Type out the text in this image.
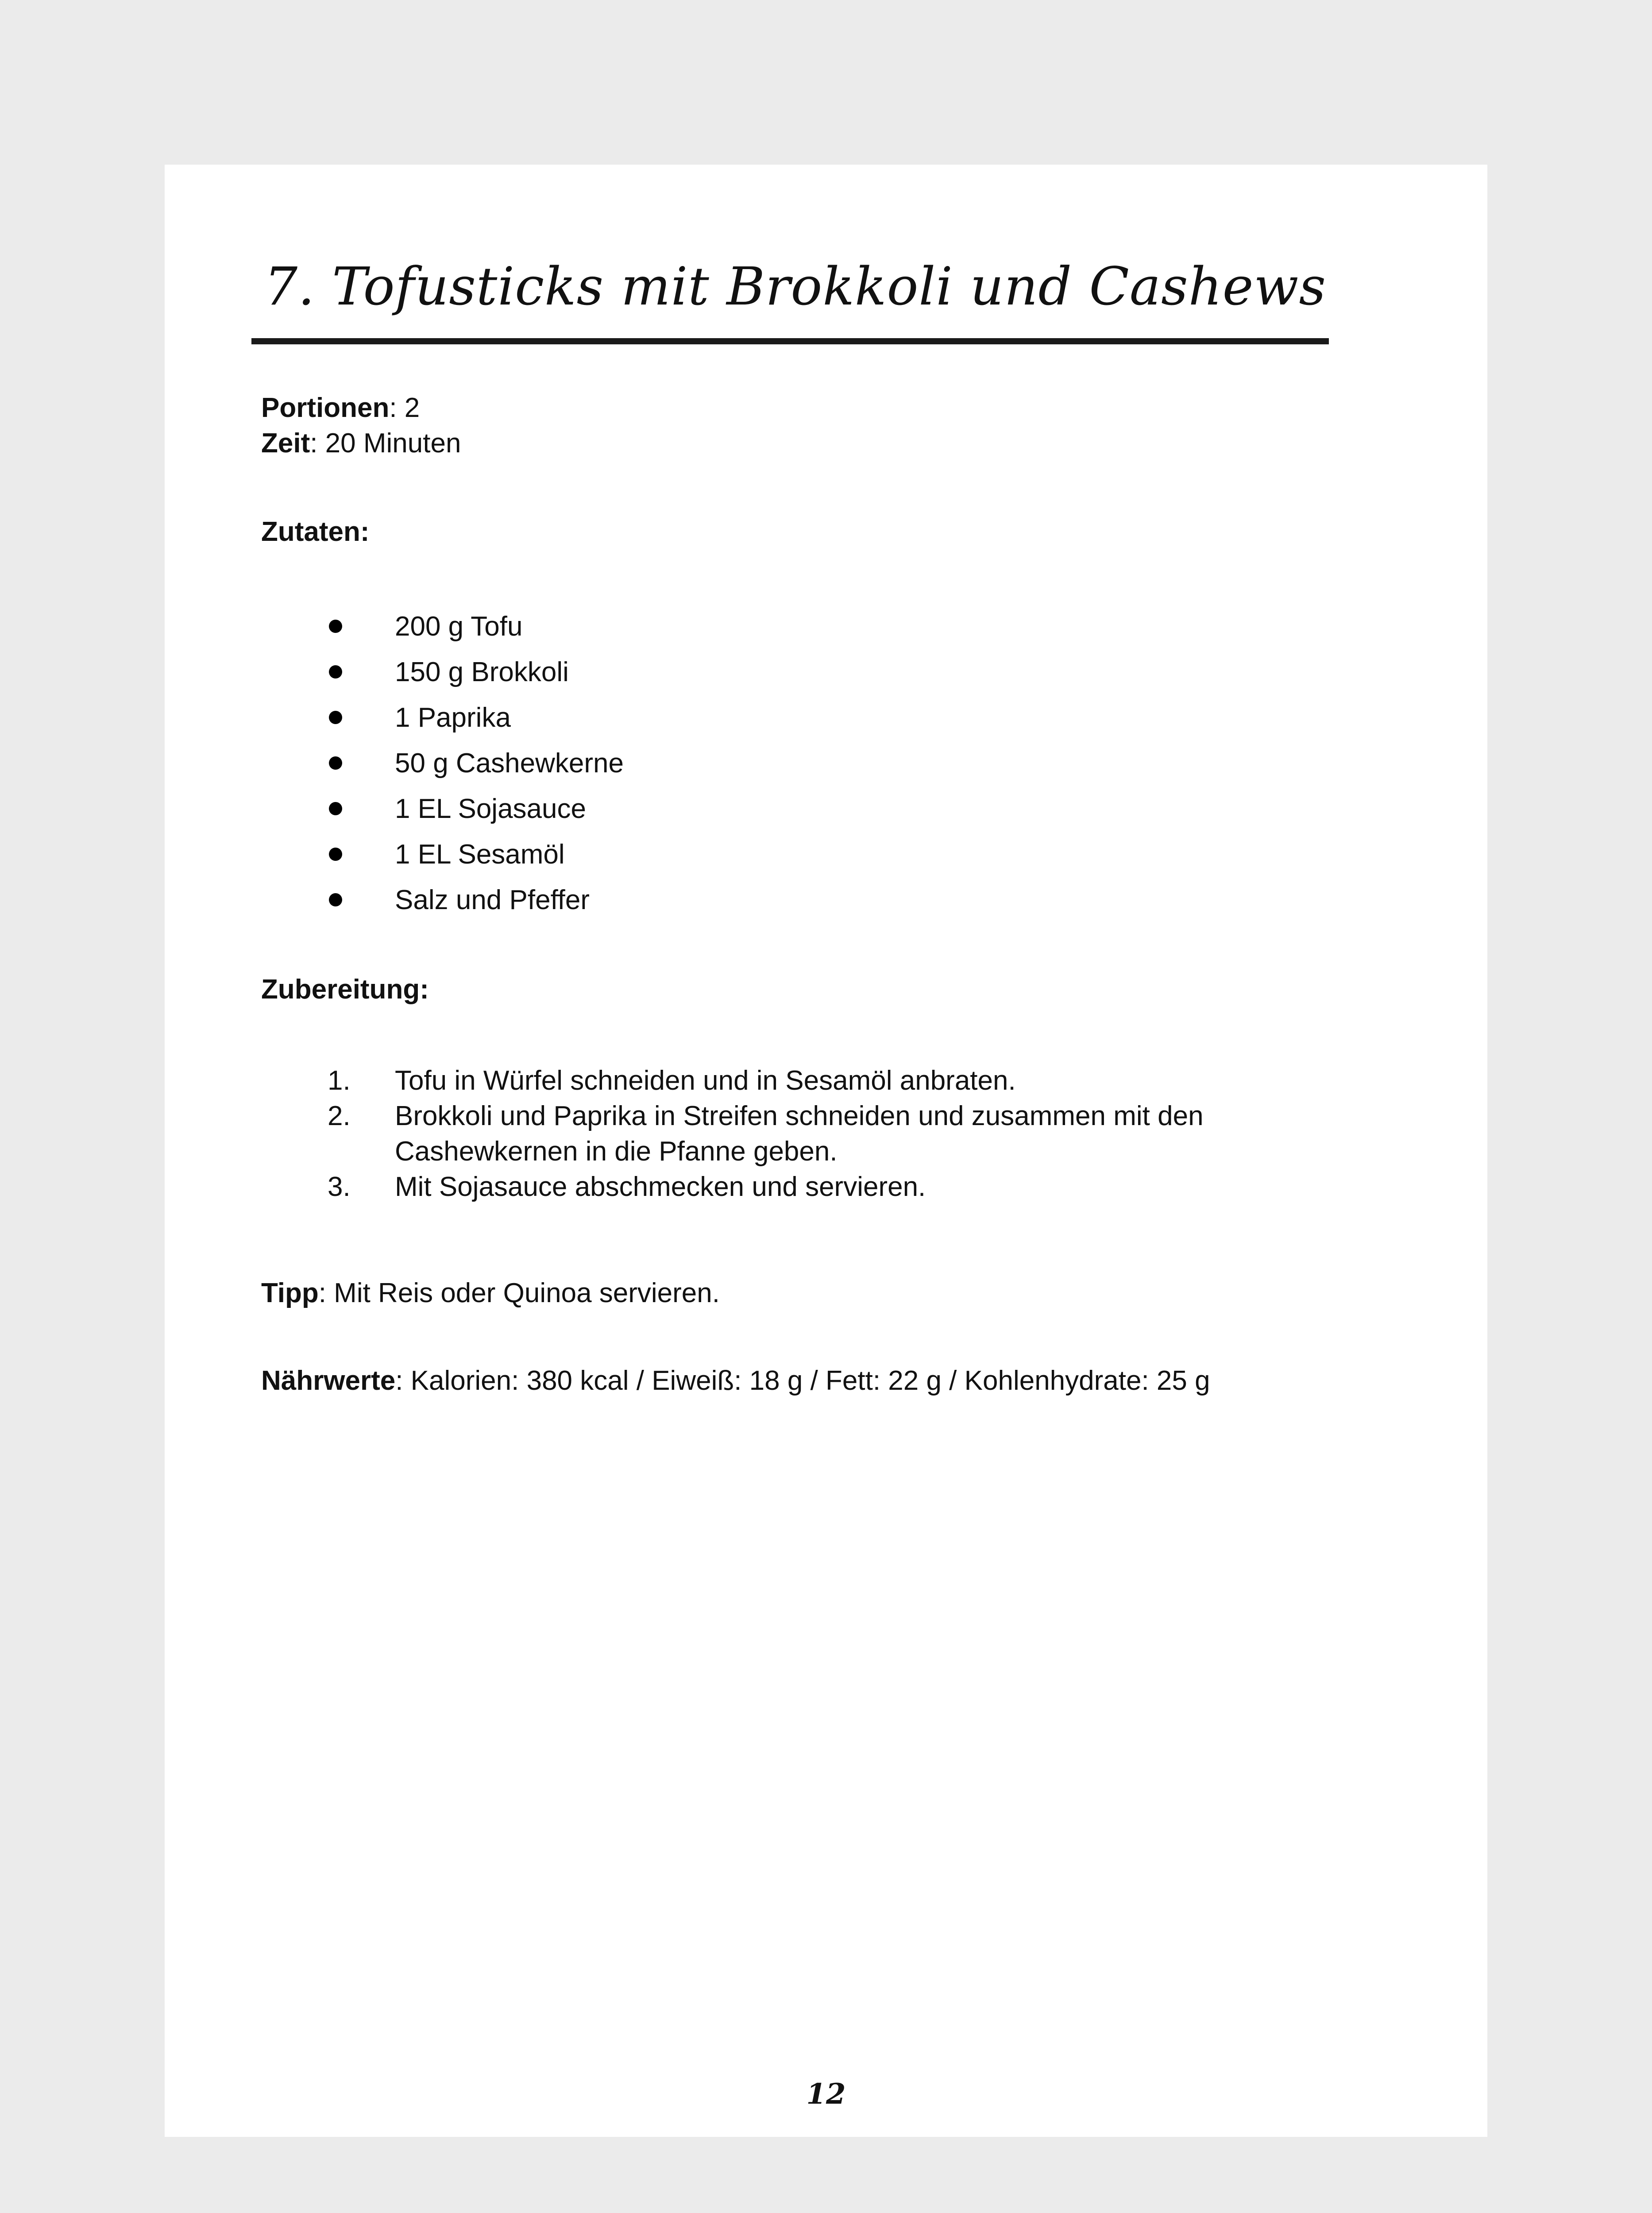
7. Tofusticks mit Brokkoli und Cashews
Portionen: 2
Zeit: 20 Minuten
Zutaten:
200 g Tofu
150 g Brokkoli
1 Paprika
50 g Cashewkerne
1 EL Sojasauce
1 EL Sesamöl
Salz und Pfeffer
Zubereitung:
1. Tofu in Würfel schneiden und in Sesamöl anbraten.
2. Brokkoli und Paprika in Streifen schneiden und zusammen mit den Cashewkernen in die Pfanne geben.
3. Mit Sojasauce abschmecken und servieren.
Tipp: Mit Reis oder Quinoa servieren.
Nährwerte: Kalorien: 380 kcal / Eiweiß: 18 g / Fett: 22 g / Kohlenhydrate: 25 g
12
